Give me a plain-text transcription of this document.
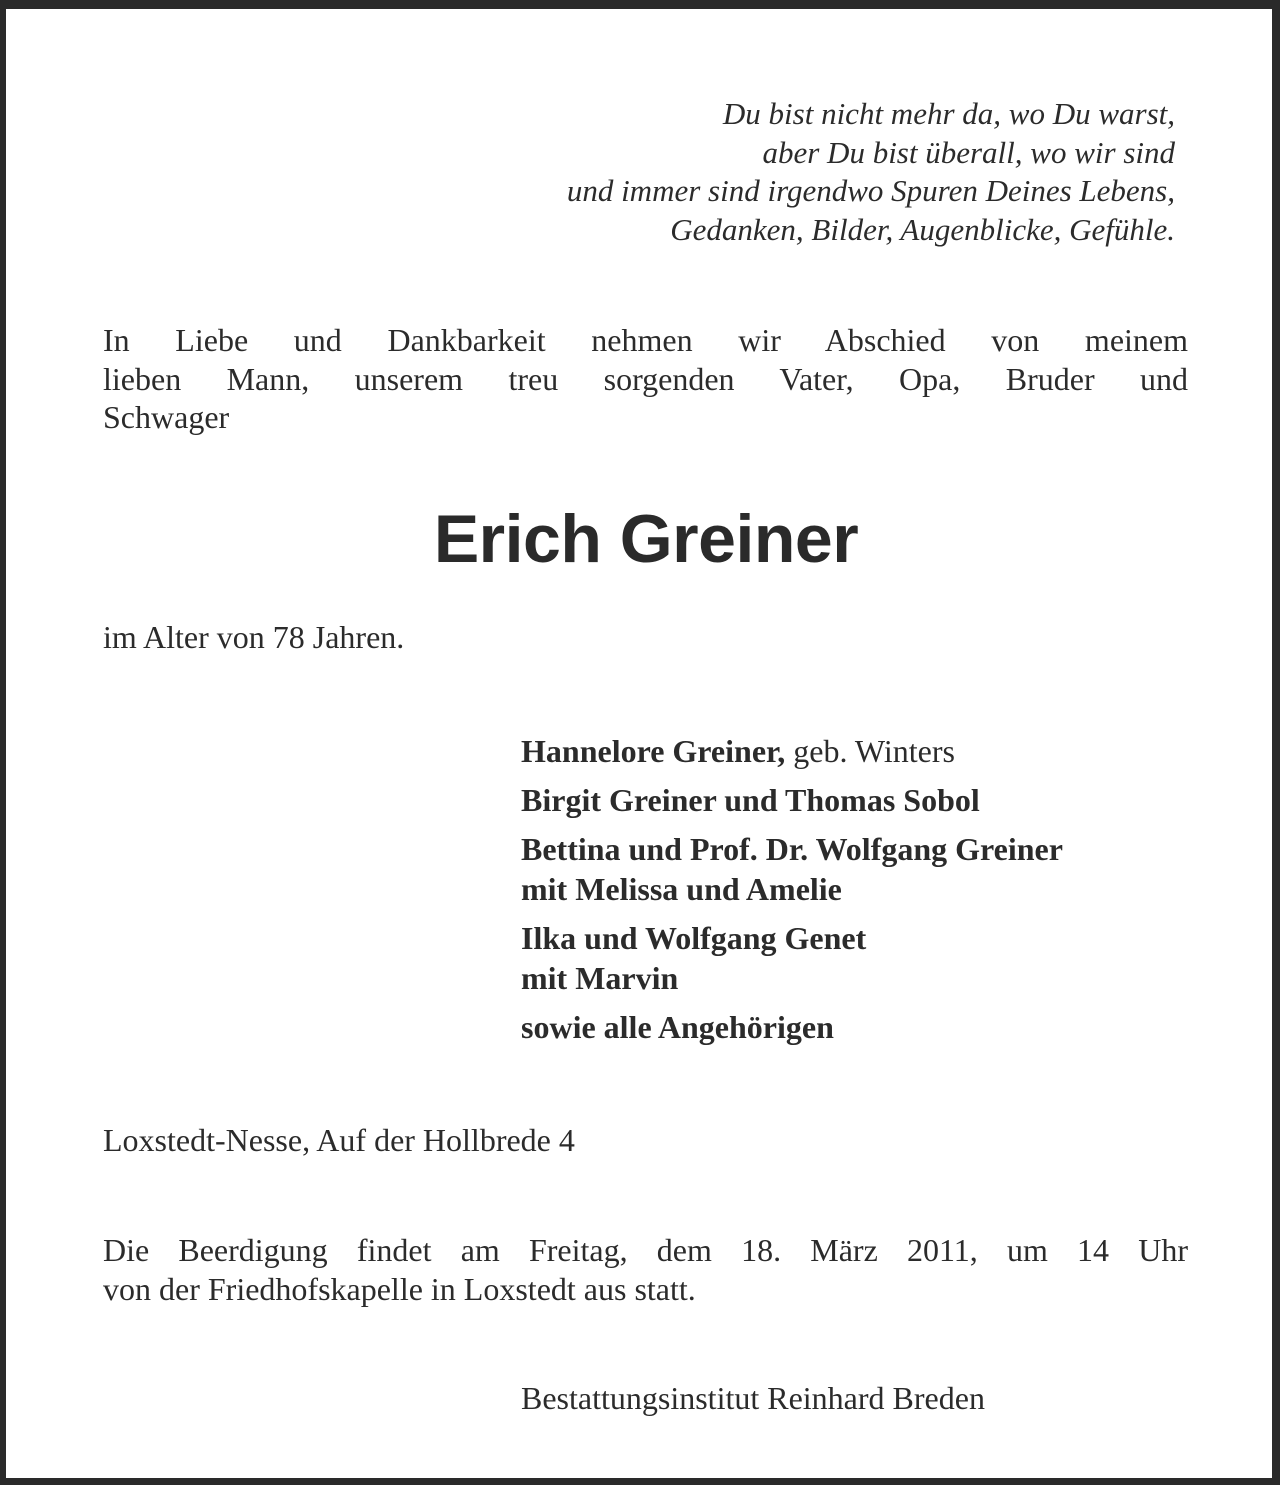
Du bist nicht mehr da, wo Du warst,
aber Du bist überall, wo wir sind
und immer sind irgendwo Spuren Deines Lebens,
Gedanken, Bilder, Augenblicke, Gefühle.
In Liebe und Dankbarkeit nehmen wir Abschied von meinem
lieben Mann, unserem treu sorgenden Vater, Opa, Bruder und
Schwager
Erich Greiner
im Alter von 78 Jahren.
Hannelore Greiner, geb. Winters
Birgit Greiner und Thomas Sobol
Bettina und Prof. Dr. Wolfgang Greiner
mit Melissa und Amelie
Ilka und Wolfgang Genet
mit Marvin
sowie alle Angehörigen
Loxstedt-Nesse, Auf der Hollbrede 4
Die Beerdigung findet am Freitag, dem 18. März 2011, um 14 Uhr
von der Friedhofskapelle in Loxstedt aus statt.
Bestattungsinstitut Reinhard Breden
